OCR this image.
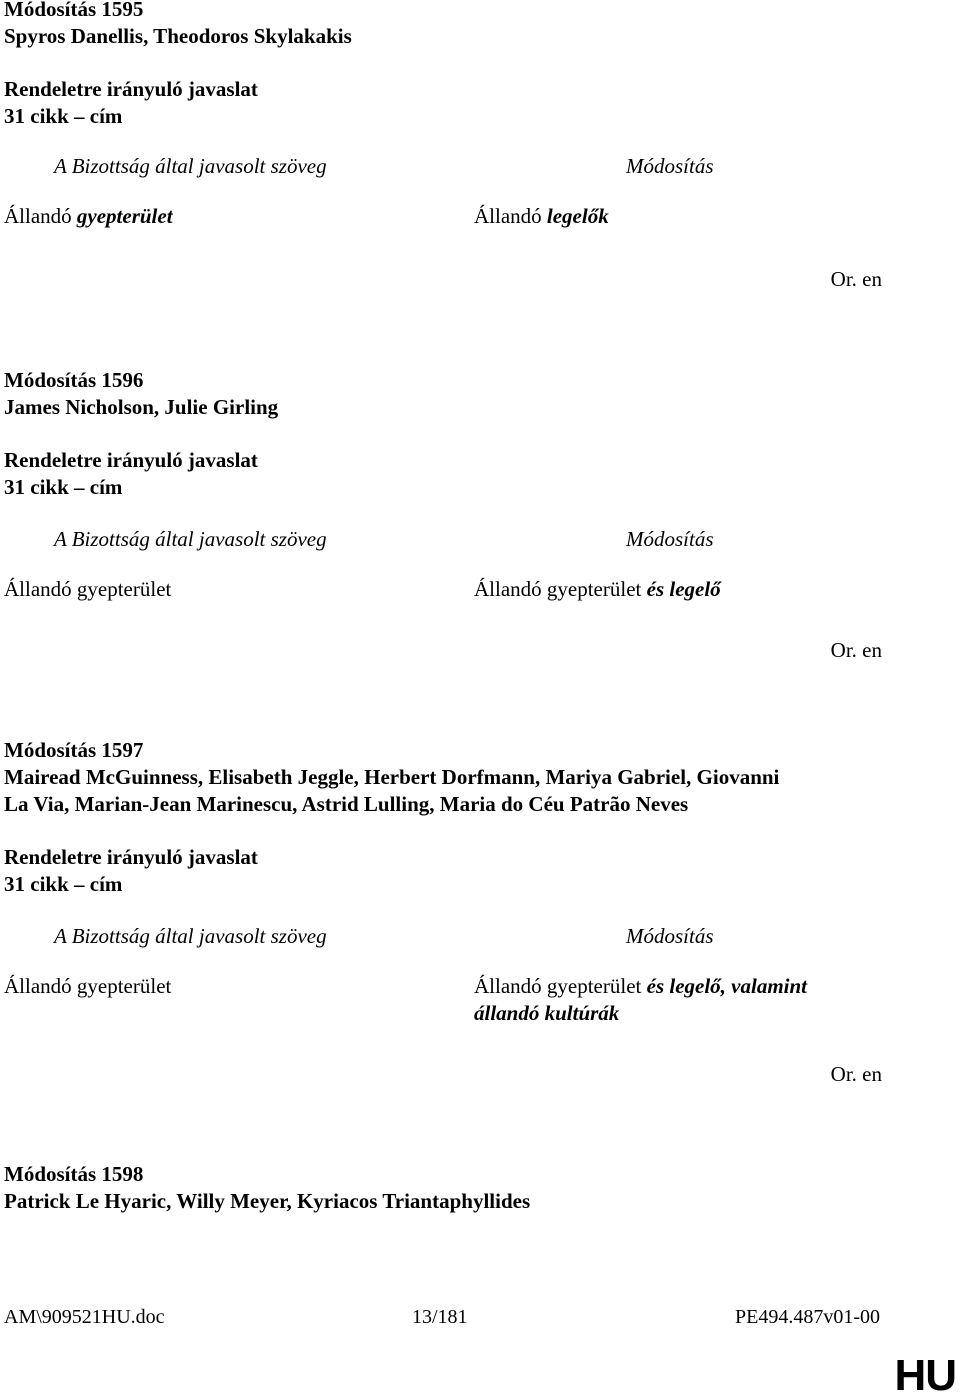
Módosítás 1595
Spyros Danellis, Theodoros Skylakakis
Rendeletre irányuló javaslat
31 cikk – cím
A Bizottság által javasolt szöveg	Módosítás
Állandó gyepterület	Állandó legelők
Or. en
Módosítás 1596
James Nicholson, Julie Girling
Rendeletre irányuló javaslat
31 cikk – cím
A Bizottság által javasolt szöveg	Módosítás
Állandó gyepterület	Állandó gyepterület és legelő
Or. en
Módosítás 1597
Mairead McGuinness, Elisabeth Jeggle, Herbert Dorfmann, Mariya Gabriel, Giovanni
La Via, Marian-Jean Marinescu, Astrid Lulling, Maria do Céu Patrão Neves
Rendeletre irányuló javaslat
31 cikk – cím
A Bizottság által javasolt szöveg	Módosítás
Állandó gyepterület	Állandó gyepterület és legelő, valamint
állandó kultúrák
Or. en
Módosítás 1598
Patrick Le Hyaric, Willy Meyer, Kyriacos Triantaphyllides
AM\909521HU.doc	13/181	PE494.487v01-00
HU
